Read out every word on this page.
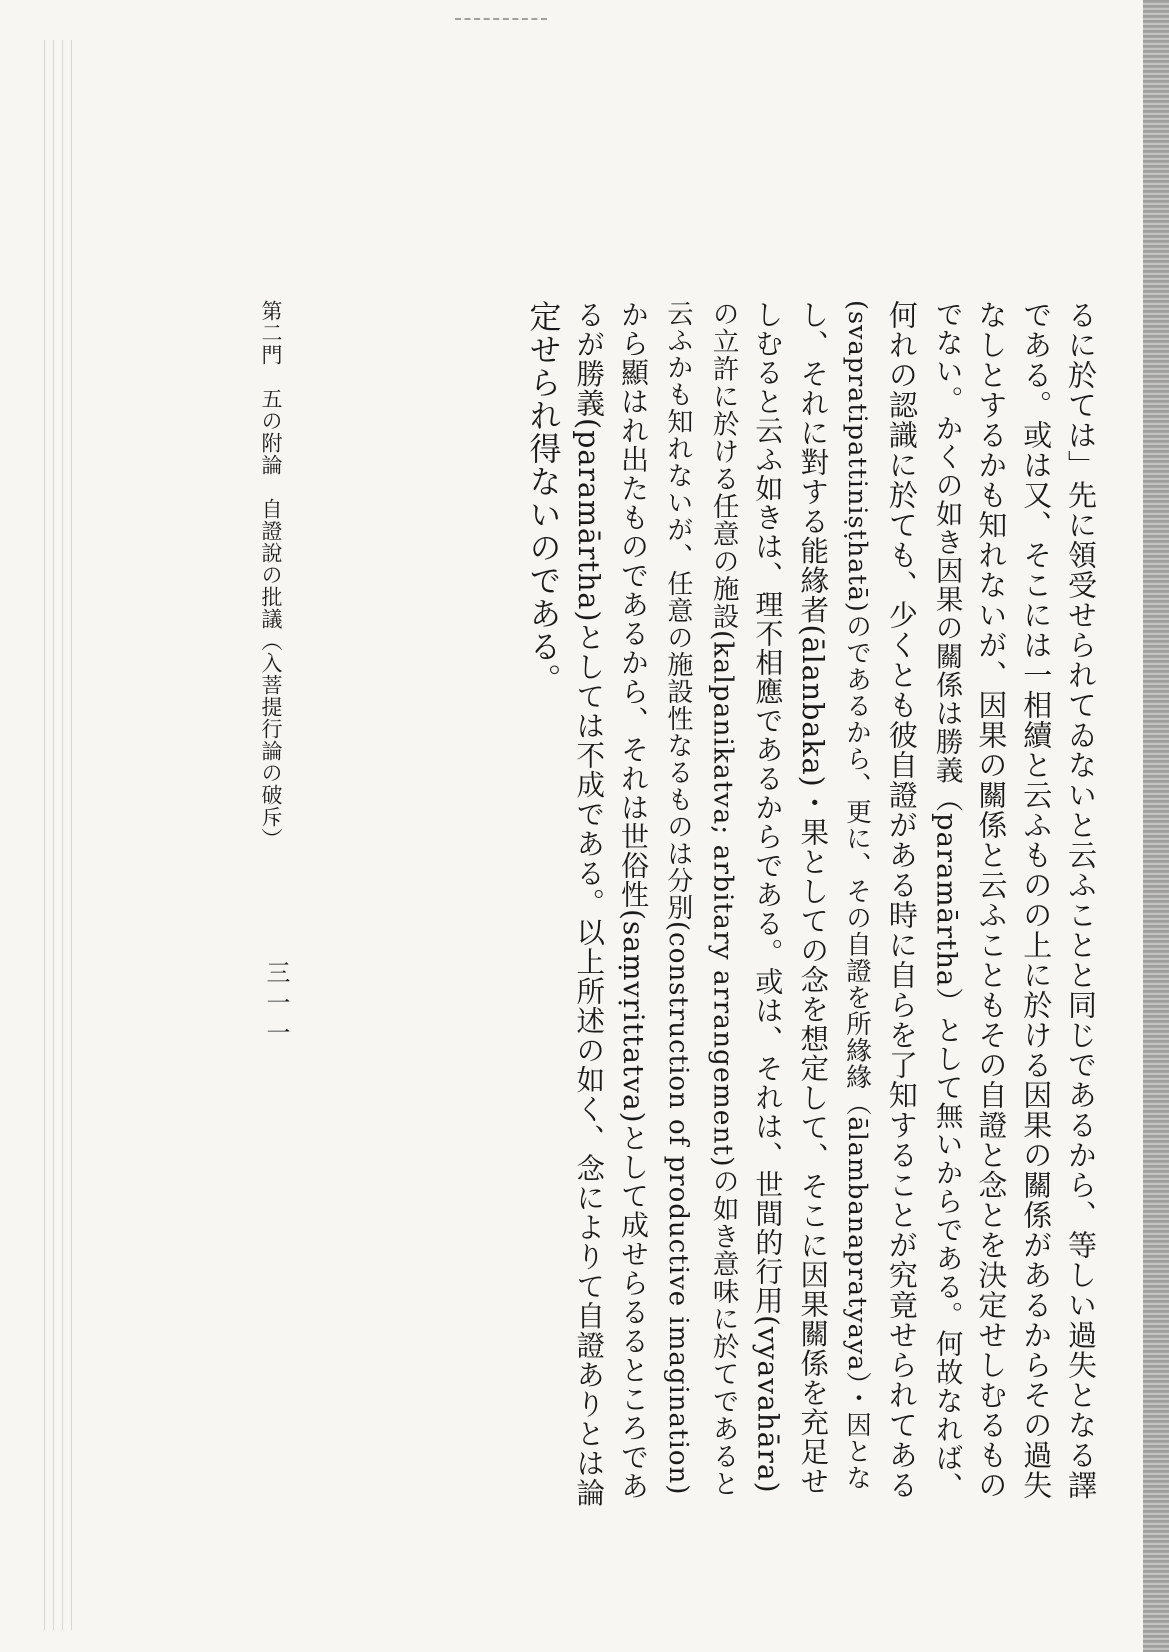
るに於ては」先に領受せられてゐないと云ふことと同じであるから、等しい過失となる譯
である。或は又、そこには一相續と云ふものの上に於ける因果の關係があるからその過失
なしとするかも知れないが、因果の關係と云ふこともその自證と念とを決定せしむるもの
でない。かくの如き因果の關係は勝義（paramārtha）として無いからである。何故なれば、
何れの認識に於ても、少くとも彼自證がある時に自らを了知することが究竟せられてある
(svapratipattiniṣṭhatā)のであるから、更に、その自證を所緣緣（ālambanapratyaya）・因とな
し、それに對する能緣者(ālanbaka)・果としての念を想定して、そこに因果關係を充足せ
しむると云ふ如きは、理不相應であるからである。或は、それは、世間的行用(vyavahāra)
の立許に於ける任意の施設(kalpanikatva; arbitary arrangement)の如き意味に於てであると
云ふかも知れないが、任意の施設性なるものは分別(construction of productive imagination)
から顯はれ出たものであるから、それは世俗性(saṃvṛittatva)として成せらるるところであ
るが勝義(paramārtha)としては不成である。以上所述の如く、念によりて自證ありとは論
定せられ得ないのである。
第二門　五の附論　自證說の批議（入菩提行論の破斥）
三一一
